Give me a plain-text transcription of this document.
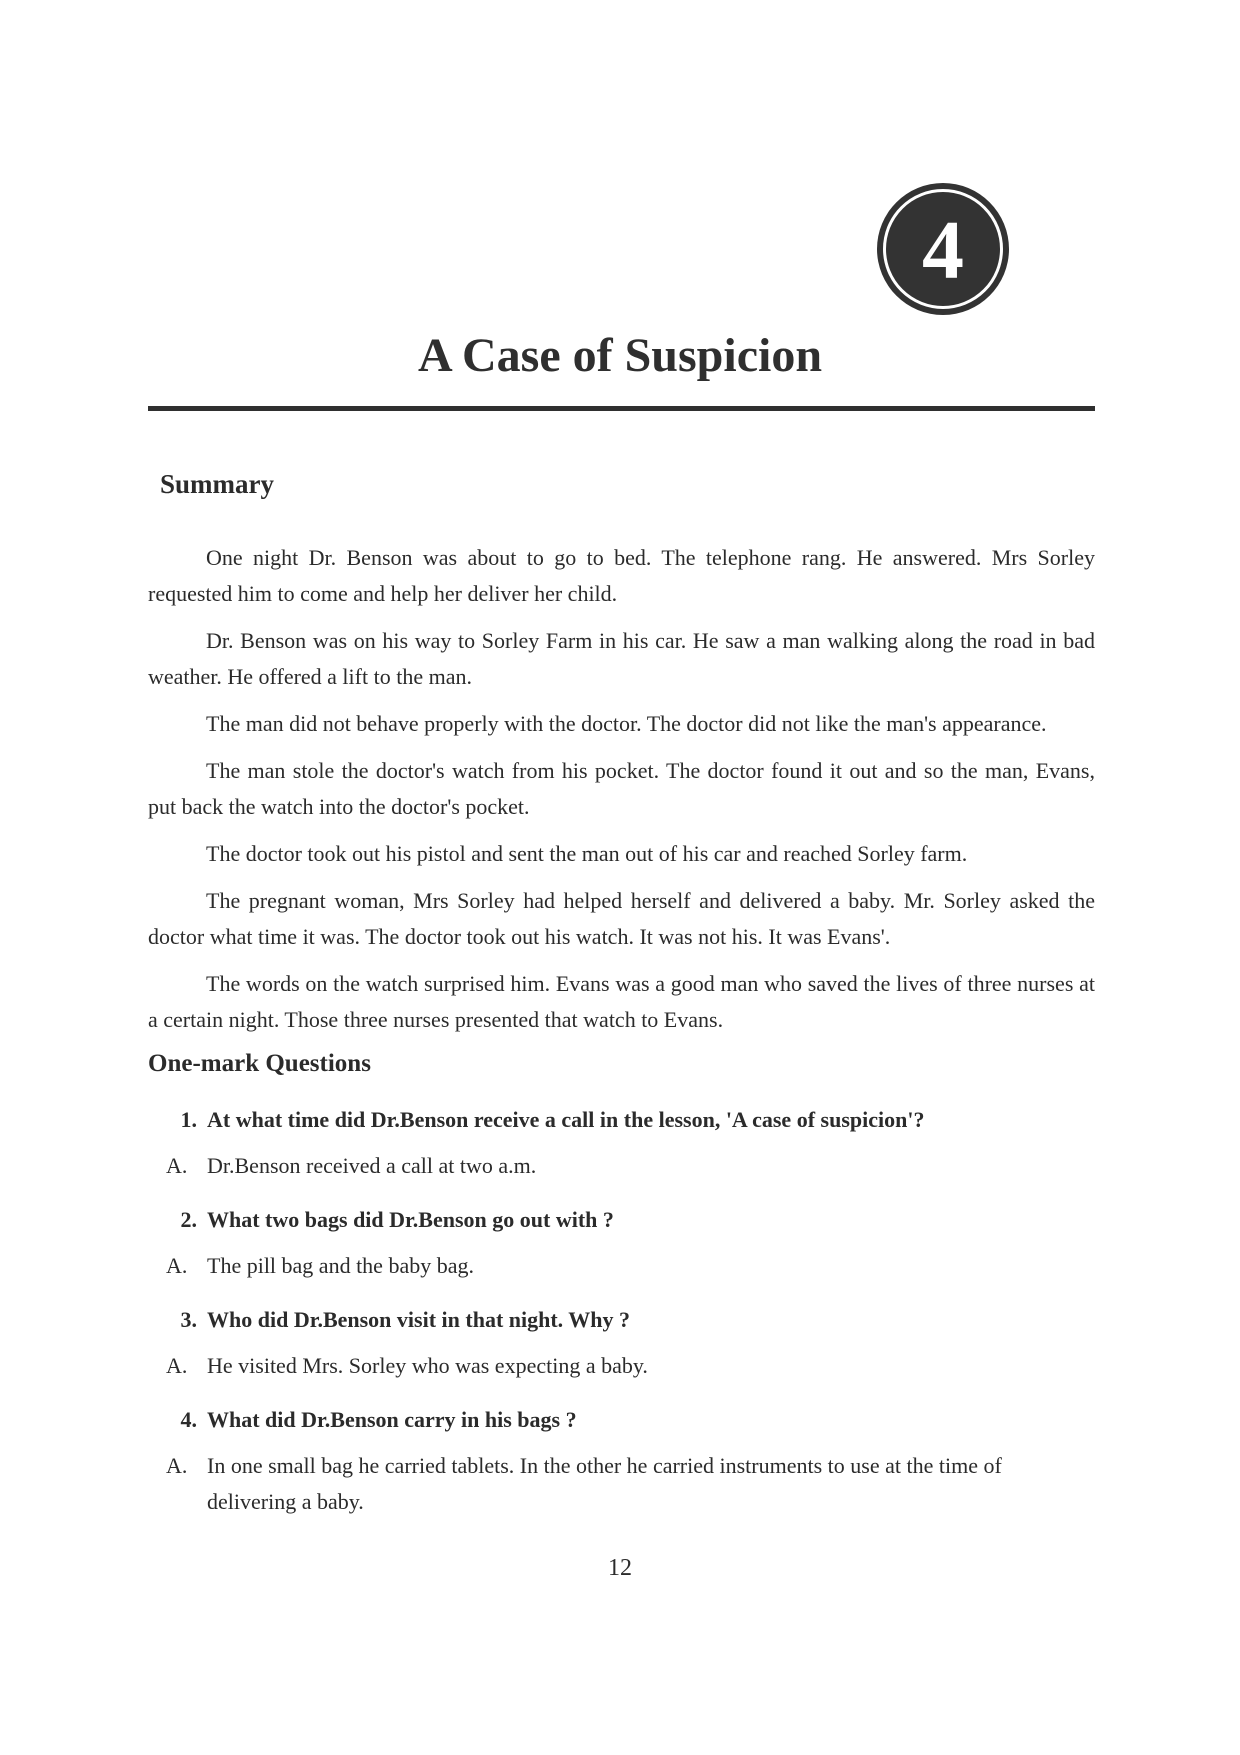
4
A Case of Suspicion
Summary

One night Dr. Benson was about to go to bed. The telephone rang. He answered. Mrs Sorley requested him to come and help her deliver her child.

Dr. Benson was on his way to Sorley Farm in his car. He saw a man walking along the road in bad weather. He offered a lift to the man.

The man did not behave properly with the doctor. The doctor did not like the man's appearance.

The man stole the doctor's watch from his pocket. The doctor found it out and so the man, Evans, put back the watch into the doctor's pocket.

The doctor took out his pistol and sent the man out of his car and reached Sorley farm.

The pregnant woman, Mrs Sorley had helped herself and delivered a baby. Mr. Sorley asked the doctor what time it was. The doctor took out his watch. It was not his. It was Evans'.

The words on the watch surprised him. Evans was a good man who saved the lives of three nurses at a certain night. Those three nurses presented that watch to Evans.

One-mark Questions
1. At what time did Dr.Benson receive a call in the lesson, 'A case of suspicion'?
A. Dr.Benson received a call at two a.m.
2. What two bags did Dr.Benson go out with ?
A. The pill bag and the baby bag.
3. Who did Dr.Benson visit in that night. Why ?
A. He visited Mrs. Sorley who was expecting a baby.
4. What did Dr.Benson carry in his bags ?
A. In one small bag he carried tablets. In the other he carried instruments to use at the time of delivering a baby.
12
